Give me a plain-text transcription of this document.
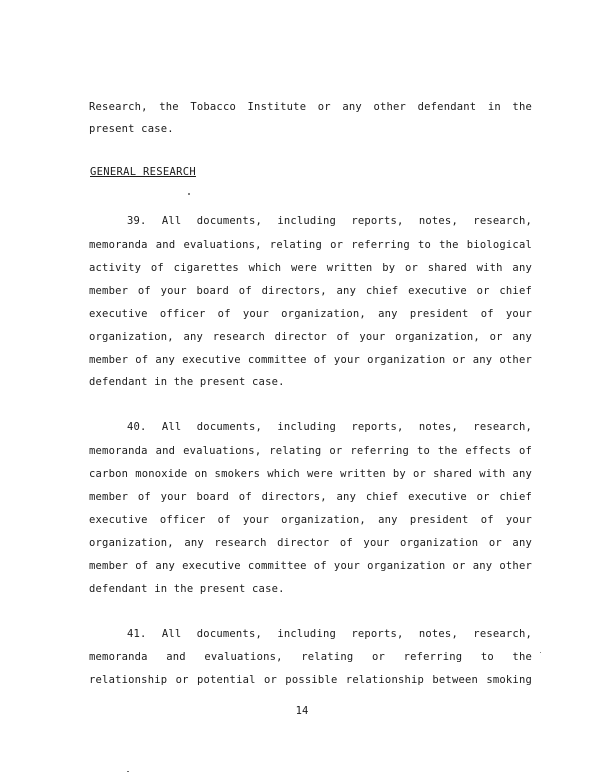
Research, the Tobacco Institute or any other defendant in the
present case.
GENERAL RESEARCH
39. All documents, including reports, notes, research,
memoranda and evaluations, relating or referring to the biological
activity of cigarettes which were written by or shared with any
member of your board of directors, any chief executive or chief
executive officer of your organization, any president of your
organization, any research director of your organization, or any
member of any executive committee of your organization or any other
defendant in the present case.
40. All documents, including reports, notes, research,
memoranda and evaluations, relating or referring to the effects of
carbon monoxide on smokers which were written by or shared with any
member of your board of directors, any chief executive or chief
executive officer of your organization, any president of your
organization, any research director of your organization or any
member of any executive committee of your organization or any other
defendant in the present case.
41. All documents, including reports, notes, research,
memoranda and evaluations, relating or referring to the
relationship or potential or possible relationship between smoking
14
